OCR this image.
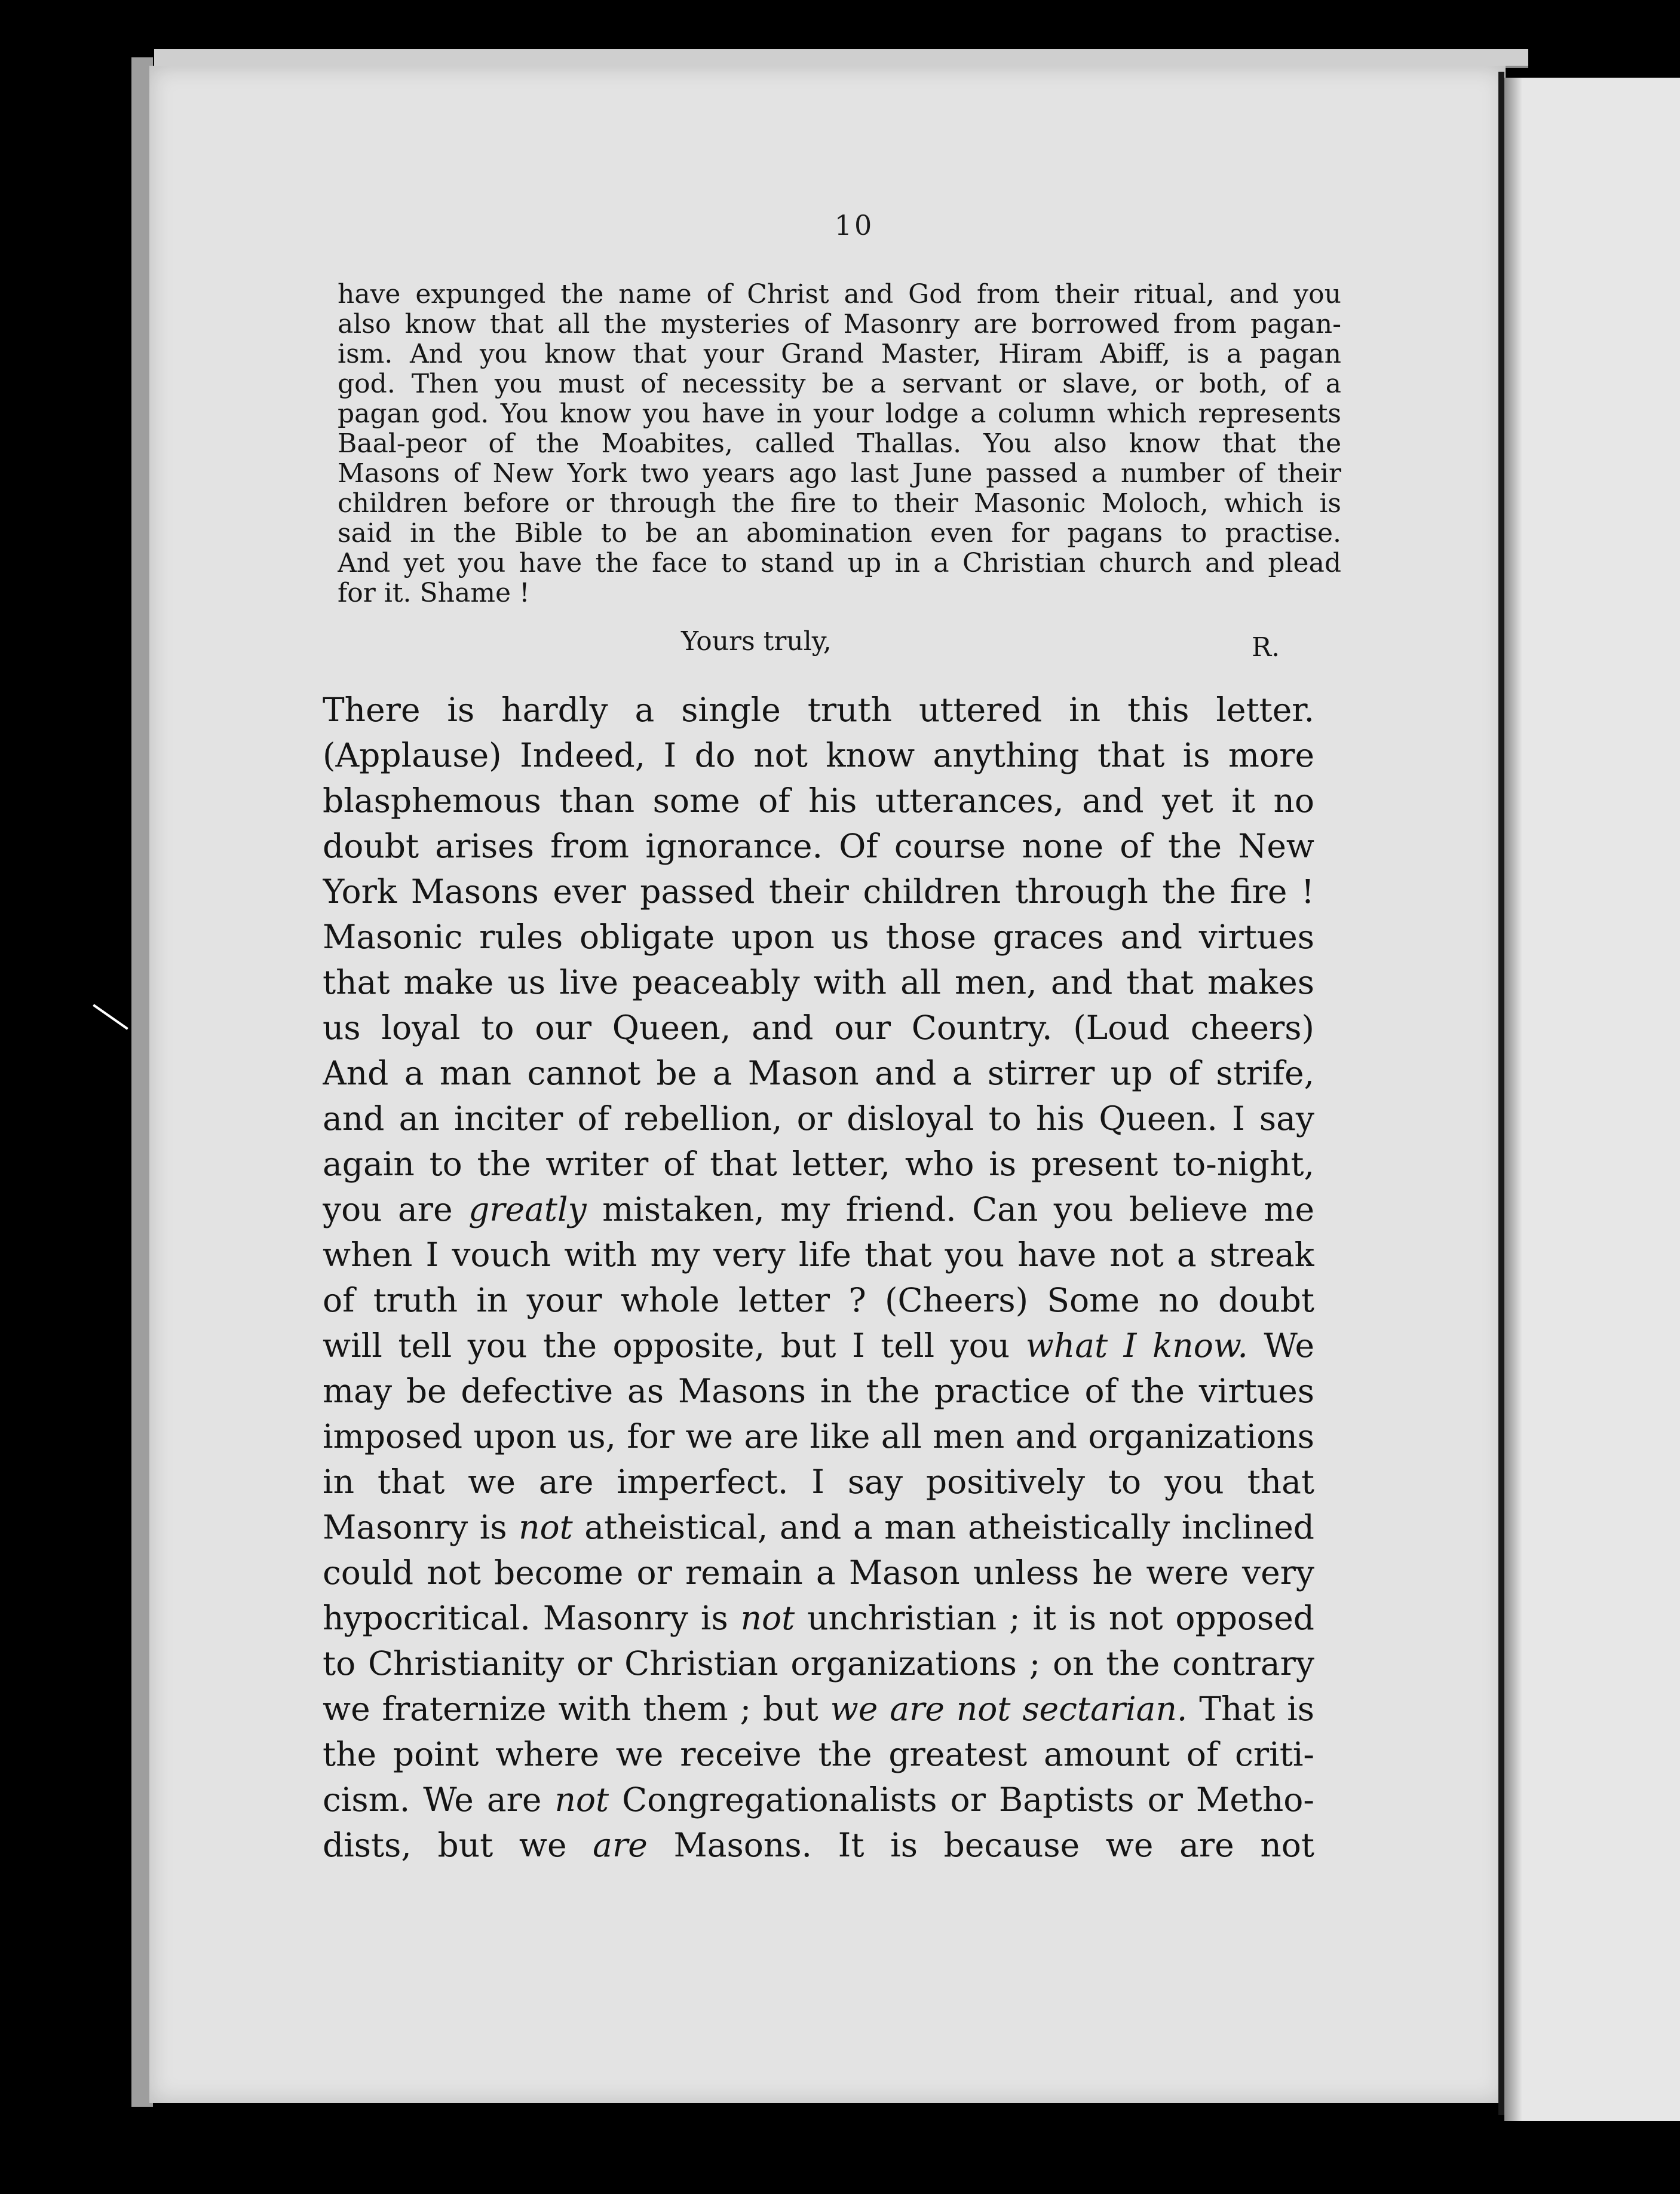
10
have expunged the name of Christ and God from their ritual, and you
also know that all the mysteries of Masonry are borrowed from pagan-
ism. And you know that your Grand Master, Hiram Abiff, is a pagan
god. Then you must of necessity be a servant or slave, or both, of a
pagan god. You know you have in your lodge a column which represents
Baal-peor of the Moabites, called Thallas. You also know that the
Masons of New York two years ago last June passed a number of their
children before or through the fire to their Masonic Moloch, which is
said in the Bible to be an abomination even for pagans to practise.
And yet you have the face to stand up in a Christian church and plead
for it. Shame !
Yours truly,	R.
There is hardly a single truth uttered in this letter.
(Applause) Indeed, I do not know anything that is more
blasphemous than some of his utterances, and yet it no
doubt arises from ignorance. Of course none of the New
York Masons ever passed their children through the fire !
Masonic rules obligate upon us those graces and virtues
that make us live peaceably with all men, and that makes
us loyal to our Queen, and our Country. (Loud cheers)
And a man cannot be a Mason and a stirrer up of strife,
and an inciter of rebellion, or disloyal to his Queen. I say
again to the writer of that letter, who is present to-night,
you are greatly mistaken, my friend. Can you believe me
when I vouch with my very life that you have not a streak
of truth in your whole letter ? (Cheers) Some no doubt
will tell you the opposite, but I tell you what I know. We
may be defective as Masons in the practice of the virtues
imposed upon us, for we are like all men and organizations
in that we are imperfect. I say positively to you that
Masonry is not atheistical, and a man atheistically inclined
could not become or remain a Mason unless he were very
hypocritical. Masonry is not unchristian ; it is not opposed
to Christianity or Christian organizations ; on the contrary
we fraternize with them ; but we are not sectarian. That is
the point where we receive the greatest amount of criti-
cism. We are not Congregationalists or Baptists or Metho-
dists, but we are Masons. It is because we are not
